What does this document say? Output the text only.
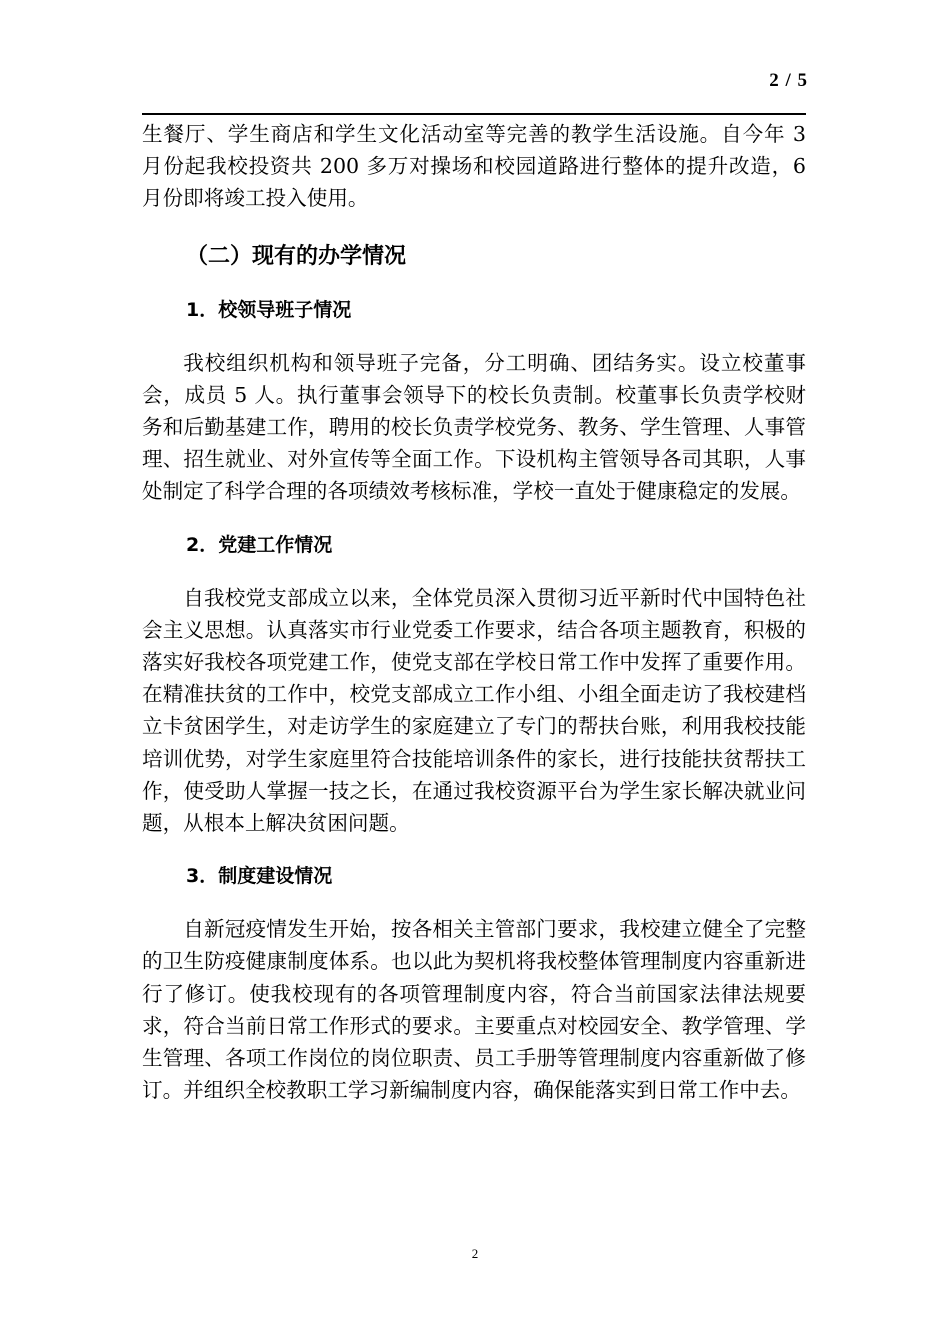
2 / 5

生餐厅、学生商店和学生文化活动室等完善的教学生活设施。自今年 3 月份起我校投资共 200 多万对操场和校园道路进行整体的提升改造，6 月份即将竣工投入使用。

（二）现有的办学情况
1．校领导班子情况

我校组织机构和领导班子完备，分工明确、团结务实。设立校董事会，成员 5 人。执行董事会领导下的校长负责制。校董事长负责学校财务和后勤基建工作，聘用的校长负责学校党务、教务、学生管理、人事管理、招生就业、对外宣传等全面工作。下设机构主管领导各司其职，人事处制定了科学合理的各项绩效考核标准，学校一直处于健康稳定的发展。

2．党建工作情况

自我校党支部成立以来，全体党员深入贯彻习近平新时代中国特色社会主义思想。认真落实市行业党委工作要求，结合各项主题教育，积极的落实好我校各项党建工作，使党支部在学校日常工作中发挥了重要作用。在精准扶贫的工作中，校党支部成立工作小组、小组全面走访了我校建档立卡贫困学生，对走访学生的家庭建立了专门的帮扶台账，利用我校技能培训优势，对学生家庭里符合技能培训条件的家长，进行技能扶贫帮扶工作，使受助人掌握一技之长，在通过我校资源平台为学生家长解决就业问题，从根本上解决贫困问题。

3．制度建设情况

自新冠疫情发生开始，按各相关主管部门要求，我校建立健全了完整的卫生防疫健康制度体系。也以此为契机将我校整体管理制度内容重新进行了修订。使我校现有的各项管理制度内容，符合当前国家法律法规要求，符合当前日常工作形式的要求。主要重点对校园安全、教学管理、学生管理、各项工作岗位的岗位职责、员工手册等管理制度内容重新做了修订。并组织全校教职工学习新编制度内容，确保能落实到日常工作中去。

2
